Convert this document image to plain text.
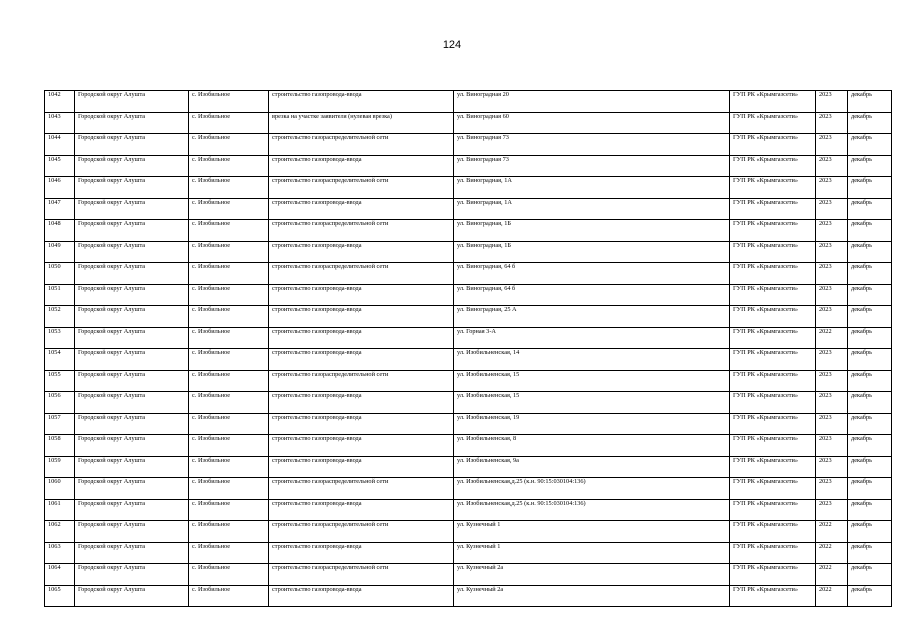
124
1042	Городской округ Алушта	с. Изобильное	строительство газопровода-ввода	ул. Виноградная 20	ГУП РК «Крымгазсети»	2023	декабрь
1043	Городской округ Алушта	с. Изобильное	врезка на участке заявителя (нулевая врезка)	ул. Виноградная 60	ГУП РК «Крымгазсети»	2023	декабрь
1044	Городской округ Алушта	с. Изобильное	строительство газораспределительной сети	ул. Виноградная 73	ГУП РК «Крымгазсети»	2023	декабрь
1045	Городской округ Алушта	с. Изобильное	строительство газопровода-ввода	ул. Виноградная 73	ГУП РК «Крымгазсети»	2023	декабрь
1046	Городской округ Алушта	с. Изобильное	строительство газораспределительной сети	ул. Виноградная, 1А	ГУП РК «Крымгазсети»	2023	декабрь
1047	Городской округ Алушта	с. Изобильное	строительство газопровода-ввода	ул. Виноградная, 1А	ГУП РК «Крымгазсети»	2023	декабрь
1048	Городской округ Алушта	с. Изобильное	строительство газораспределительной сети	ул. Виноградная, 1Б	ГУП РК «Крымгазсети»	2023	декабрь
1049	Городской округ Алушта	с. Изобильное	строительство газопровода-ввода	ул. Виноградная, 1Б	ГУП РК «Крымгазсети»	2023	декабрь
1050	Городской округ Алушта	с. Изобильное	строительство газораспределительной сети	ул. Виноградная, 64 б	ГУП РК «Крымгазсети»	2023	декабрь
1051	Городской округ Алушта	с. Изобильное	строительство газопровода-ввода	ул. Виноградная, 64 б	ГУП РК «Крымгазсети»	2023	декабрь
1052	Городской округ Алушта	с. Изобильное	строительство газопровода-ввода	ул. Виноградная, 25 А	ГУП РК «Крымгазсети»	2023	декабрь
1053	Городской округ Алушта	с. Изобильное	строительство газопровода-ввода	ул. Горная 3-А	ГУП РК «Крымгазсети»	2022	декабрь
1054	Городской округ Алушта	с. Изобильное	строительство газопровода-ввода	ул. Изобильненская, 14	ГУП РК «Крымгазсети»	2023	декабрь
1055	Городской округ Алушта	с. Изобильное	строительство газораспределительной сети	ул. Изобильненская, 15	ГУП РК «Крымгазсети»	2023	декабрь
1056	Городской округ Алушта	с. Изобильное	строительство газопровода-ввода	ул. Изобильненская, 15	ГУП РК «Крымгазсети»	2023	декабрь
1057	Городской округ Алушта	с. Изобильное	строительство газопровода-ввода	ул. Изобильненская, 19	ГУП РК «Крымгазсети»	2023	декабрь
1058	Городской округ Алушта	с. Изобильное	строительство газопровода-ввода	ул. Изобильненская, 8	ГУП РК «Крымгазсети»	2023	декабрь
1059	Городской округ Алушта	с. Изобильное	строительство газопровода-ввода	ул. Изобильненская, 9а	ГУП РК «Крымгазсети»	2023	декабрь
1060	Городской округ Алушта	с. Изобильное	строительство газораспределительной сети	ул. Изобильненская,д.25 (к.н. 90:15:030104:136)	ГУП РК «Крымгазсети»	2023	декабрь
1061	Городской округ Алушта	с. Изобильное	строительство газопровода-ввода	ул. Изобильненская,д.25 (к.н. 90:15:030104:136)	ГУП РК «Крымгазсети»	2023	декабрь
1062	Городской округ Алушта	с. Изобильное	строительство газораспределительной сети	ул. Кузнечный 1	ГУП РК «Крымгазсети»	2022	декабрь
1063	Городской округ Алушта	с. Изобильное	строительство газопровода-ввода	ул. Кузнечный 1	ГУП РК «Крымгазсети»	2022	декабрь
1064	Городской округ Алушта	с. Изобильное	строительство газораспределительной сети	ул. Кузнечный 2а	ГУП РК «Крымгазсети»	2022	декабрь
1065	Городской округ Алушта	с. Изобильное	строительство газопровода-ввода	ул. Кузнечный 2а	ГУП РК «Крымгазсети»	2022	декабрь
